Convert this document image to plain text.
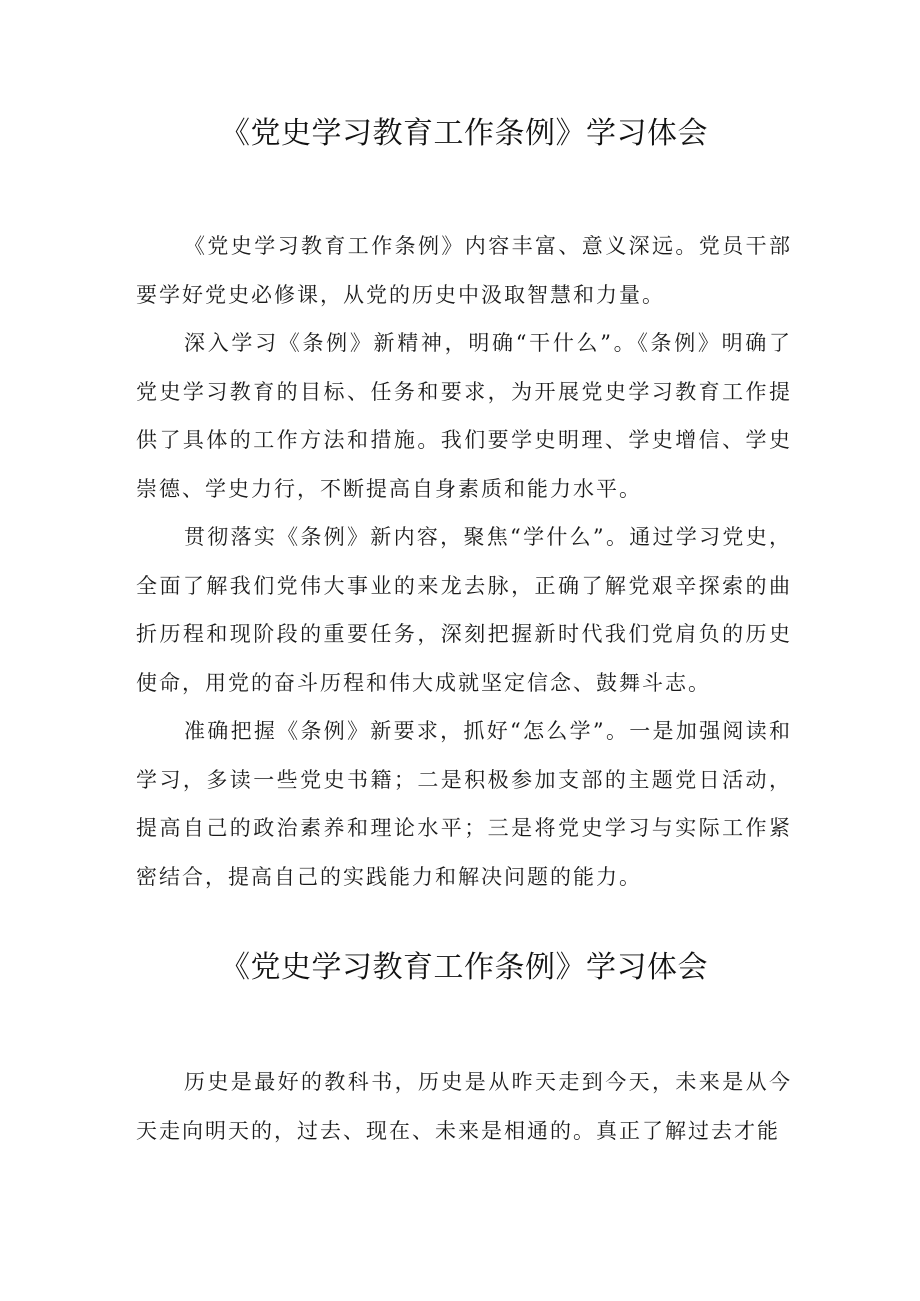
《党史学习教育工作条例》学习体会

《党史学习教育工作条例》内容丰富、意义深远。党员干部要学好党史必修课，从党的历史中汲取智慧和力量。

深入学习《条例》新精神，明确“干什么”。《条例》明确了党史学习教育的目标、任务和要求，为开展党史学习教育工作提供了具体的工作方法和措施。我们要学史明理、学史增信、学史崇德、学史力行，不断提高自身素质和能力水平。

贯彻落实《条例》新内容，聚焦“学什么”。通过学习党史，全面了解我们党伟大事业的来龙去脉，正确了解党艰辛探索的曲折历程和现阶段的重要任务，深刻把握新时代我们党肩负的历史使命，用党的奋斗历程和伟大成就坚定信念、鼓舞斗志。

准确把握《条例》新要求，抓好“怎么学”。一是加强阅读和学习，多读一些党史书籍；二是积极参加支部的主题党日活动，提高自己的政治素养和理论水平；三是将党史学习与实际工作紧密结合，提高自己的实践能力和解决问题的能力。

《党史学习教育工作条例》学习体会

历史是最好的教科书，历史是从昨天走到今天，未来是从今天走向明天的，过去、现在、未来是相通的。真正了解过去才能
